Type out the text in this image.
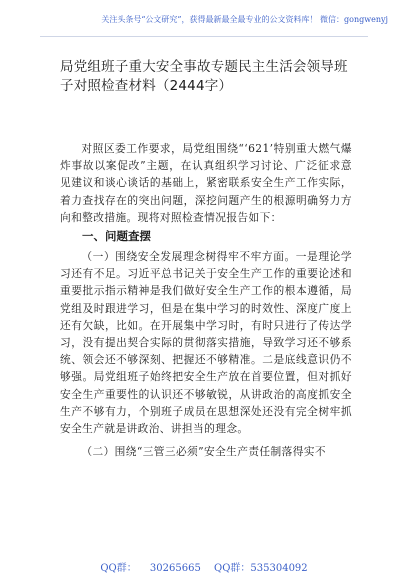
关注头条号“公文研究”，获得最新最全最专业的公文资料库！ 微信：gongwenyj
局党组班子重大安全事故专题民主生活会领导班子对照检查材料（2444字）

对照区委工作要求，局党组围绕“‘621’特别重大燃气爆炸事故以案促改”主题，在认真组织学习讨论、广泛征求意见建议和谈心谈话的基础上，紧密联系安全生产工作实际，着力查找存在的突出问题，深挖问题产生的根源明确努力方向和整改措施。现将对照检查情况报告如下：

一、问题查摆

（一）围绕安全发展理念树得牢不牢方面。一是理论学习还有不足。习近平总书记关于安全生产工作的重要论述和重要批示指示精神是我们做好安全生产工作的根本遵循，局党组及时跟进学习，但是在集中学习的时效性、深度广度上还有欠缺，比如。在开展集中学习时，有时只进行了传达学习，没有提出契合实际的贯彻落实措施，导致学习还不够系统、领会还不够深刻、把握还不够精准。二是底线意识仍不够强。局党组班子始终把安全生产放在首要位置，但对抓好安全生产重要性的认识还不够敏锐，从讲政治的高度抓安全生产不够有力，个别班子成员在思想深处还没有完全树牢抓安全生产就是讲政治、讲担当的理念。

（二）围绕“三管三必须”安全生产责任制落得实不

QQ群： 30265665 QQ群：535304092
